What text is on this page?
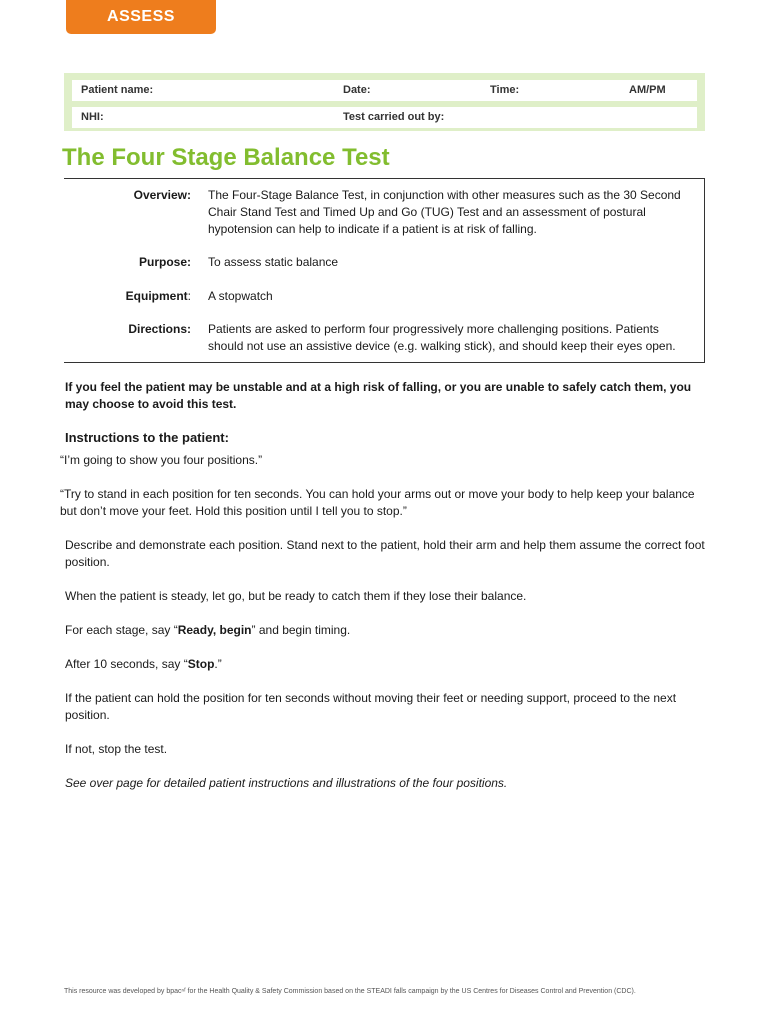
ASSESS
Patient name:	Date:	Time:	AM/PM
NHI:	Test carried out by:
The Four Stage Balance Test
Overview: The Four-Stage Balance Test, in conjunction with other measures such as the 30 Second Chair Stand Test and Timed Up and Go (TUG) Test and an assessment of postural hypotension can help to indicate if a patient is at risk of falling.
Purpose: To assess static balance
Equipment: A stopwatch
Directions: Patients are asked to perform four progressively more challenging positions. Patients should not use an assistive device (e.g. walking stick), and should keep their eyes open.
If you feel the patient may be unstable and at a high risk of falling, or you are unable to safely catch them, you may choose to avoid this test.
Instructions to the patient:
“I’m going to show you four positions.”
“Try to stand in each position for ten seconds. You can hold your arms out or move your body to help keep your balance but don’t move your feet. Hold this position until I tell you to stop.”
Describe and demonstrate each position. Stand next to the patient, hold their arm and help them assume the correct foot position.
When the patient is steady, let go, but be ready to catch them if they lose their balance.
For each stage, say “Ready, begin” and begin timing.
After 10 seconds, say “Stop.”
If the patient can hold the position for ten seconds without moving their feet or needing support, proceed to the next position.
If not, stop the test.
See over page for detailed patient instructions and illustrations of the four positions.
This resource was developed by bpacⁿᶠ for the Health Quality & Safety Commission based on the STEADI falls campaign by the US Centres for Diseases Control and Prevention (CDC).
